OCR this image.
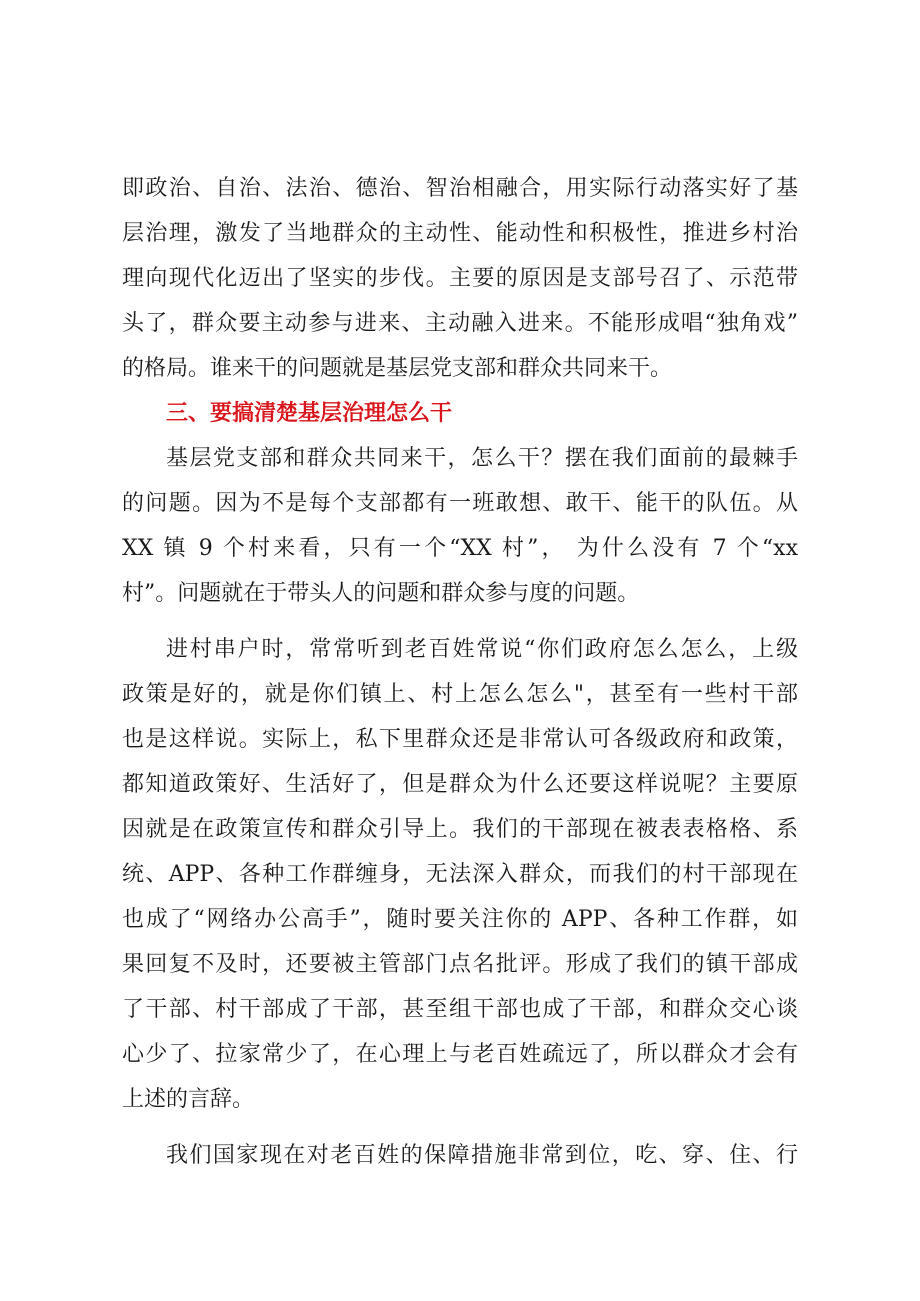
即政治、自治、法治、德治、智治相融合，用实际行动落实好了基
层治理，激发了当地群众的主动性、能动性和积极性，推进乡村治
理向现代化迈出了坚实的步伐。主要的原因是支部号召了、示范带
头了，群众要主动参与进来、主动融入进来。不能形成唱“独角戏”
的格局。谁来干的问题就是基层党支部和群众共同来干。
三、要搞清楚基层治理怎么干
基层党支部和群众共同来干，怎么干？摆在我们面前的最棘手
的问题。因为不是每个支部都有一班敢想、敢干、能干的队伍。从
XX 镇 9 个村来看，只有一个“XX 村”， 为什么没有 7 个“xx
村”。问题就在于带头人的问题和群众参与度的问题。
进村串户时，常常听到老百姓常说“你们政府怎么怎么，上级
政策是好的，就是你们镇上、村上怎么怎么"，甚至有一些村干部
也是这样说。实际上，私下里群众还是非常认可各级政府和政策，
都知道政策好、生活好了，但是群众为什么还要这样说呢？主要原
因就是在政策宣传和群众引导上。我们的干部现在被表表格格、系
统、APP、各种工作群缠身，无法深入群众，而我们的村干部现在
也成了“网络办公高手”，随时要关注你的 APP、各种工作群，如
果回复不及时，还要被主管部门点名批评。形成了我们的镇干部成
了干部、村干部成了干部，甚至组干部也成了干部，和群众交心谈
心少了、拉家常少了，在心理上与老百姓疏远了，所以群众才会有
上述的言辞。
我们国家现在对老百姓的保障措施非常到位，吃、穿、住、行
